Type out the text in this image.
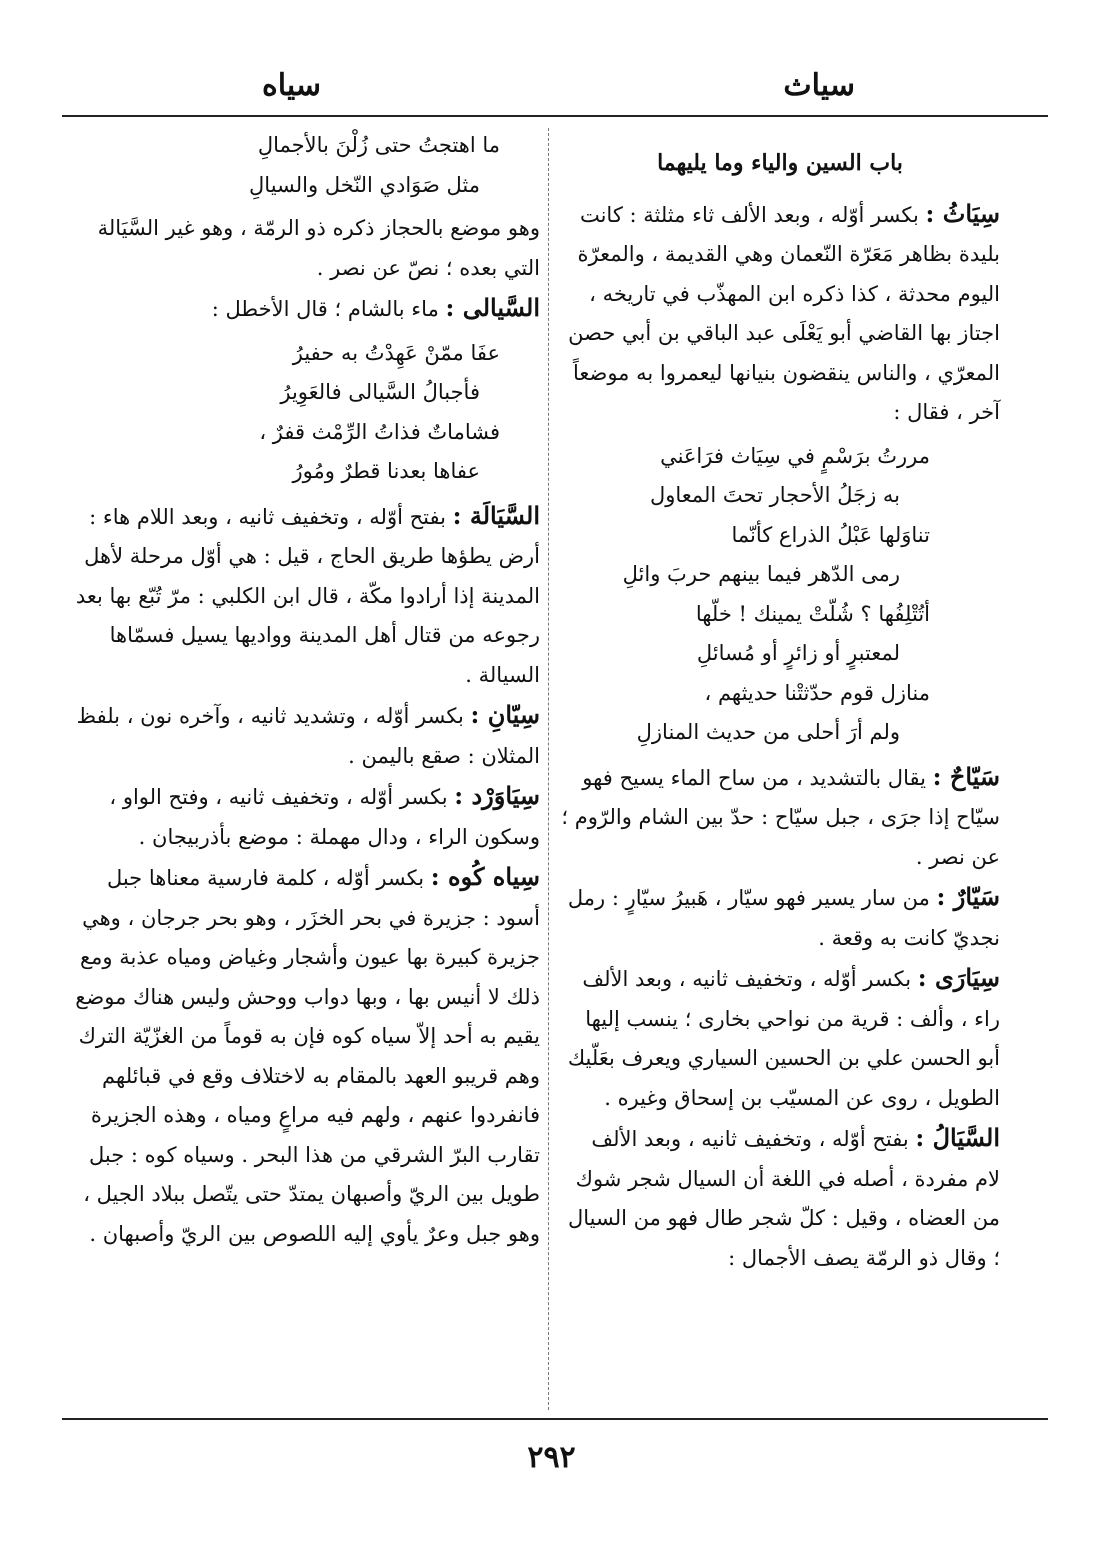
سياث
سياه
باب السين والياء وما يليهما

سِيَاثُ : بكسر أوّله ، وبعد الألف ثاء مثلثة : كانت بليدة بظاهر مَعَرّة النّعمان وهي القديمة ، والمعرّة اليوم محدثة ، كذا ذكره ابن المهذّب في تاريخه ، اجتاز بها القاضي أبو يَعْلَى عبد الباقي بن أبي حصن المعرّي ، والناس ينقضون بنيانها ليعمروا به موضعاً آخر ، فقال :

مررتُ برَسْمٍ في سِيَاث فرَاعَني
به زجَلُ الأحجار تحتَ المعاول
تناوَلها عَبْلُ الذراع كأنّما
رمى الدّهر فيما بينهم حربَ وائلِ
أتُتْلِفُها ؟ شُلّتْ يمينك ! خلّها
لمعتبرٍ أو زائرٍ أو مُسائلِ
منازل قوم حدّثتْنا حديثهم ،
ولم أرَ أحلى من حديث المنازلِ

سَيّاحٌ : يقال بالتشديد ، من ساح الماء يسيح فهو سيّاح إذا جرَى ، جبل سيّاح : حدّ بين الشام والرّوم ؛ عن نصر .

سَيّارٌ : من سار يسير فهو سيّار ، هَبيرُ سيّارٍ : رمل نجديّ كانت به وقعة .

سِيَارَى : بكسر أوّله ، وتخفيف ثانيه ، وبعد الألف راء ، وألف : قرية من نواحي بخارى ؛ ينسب إليها أبو الحسن علي بن الحسين السياري ويعرف بعَلّيك الطويل ، روى عن المسيّب بن إسحاق وغيره .

السَّيَالُ : بفتح أوّله ، وتخفيف ثانيه ، وبعد الألف لام مفردة ، أصله في اللغة أن السيال شجر شوك من العضاه ، وقيل : كلّ شجر طال فهو من السيال ؛ وقال ذو الرمّة يصف الأجمال :

ما اهتجتُ حتى زُلْنَ بالأجمالِ
مثل صَوَادي النّخل والسيالِ

وهو موضع بالحجاز ذكره ذو الرمّة ، وهو غير السَّيَالة التي بعده ؛ نصّ عن نصر .

السَّيالى : ماء بالشام ؛ قال الأخطل :

عفَا ممّنْ عَهِدْتُ به حفيرُ
فأجبالُ السَّيالى فالعَوِيرُ
فشاماتٌ فذاتُ الرِّمْث قفرٌ ،
عفاها بعدنا قطرٌ ومُورُ

السَّيَالَة : بفتح أوّله ، وتخفيف ثانيه ، وبعد اللام هاء : أرض يطؤها طريق الحاج ، قيل : هي أوّل مرحلة لأهل المدينة إذا أرادوا مكّة ، قال ابن الكلبي : مرّ تُبّع بها بعد رجوعه من قتال أهل المدينة وواديها يسيل فسمّاها السيالة .

سِيّانِ : بكسر أوّله ، وتشديد ثانيه ، وآخره نون ، بلفظ المثلان : صقع باليمن .

سِيَاوَرْد : بكسر أوّله ، وتخفيف ثانيه ، وفتح الواو ، وسكون الراء ، ودال مهملة : موضع بأذربيجان .

سِياه كُوه : بكسر أوّله ، كلمة فارسية معناها جبل أسود : جزيرة في بحر الخزَر ، وهو بحر جرجان ، وهي جزيرة كبيرة بها عيون وأشجار وغياض ومياه عذبة ومع ذلك لا أنيس بها ، وبها دواب ووحش وليس هناك موضع يقيم به أحد إلاّ سياه كوه فإن به قوماً من الغزّيّة الترك وهم قريبو العهد بالمقام به لاختلاف وقع في قبائلهم فانفردوا عنهم ، ولهم فيه مراعٍ ومياه ، وهذه الجزيرة تقارب البرّ الشرقي من هذا البحر . وسياه كوه : جبل طويل بين الريّ وأصبهان يمتدّ حتى يتّصل ببلاد الجيل ، وهو جبل وعرٌ يأوي إليه اللصوص بين الريّ وأصبهان .

٢٩٢
